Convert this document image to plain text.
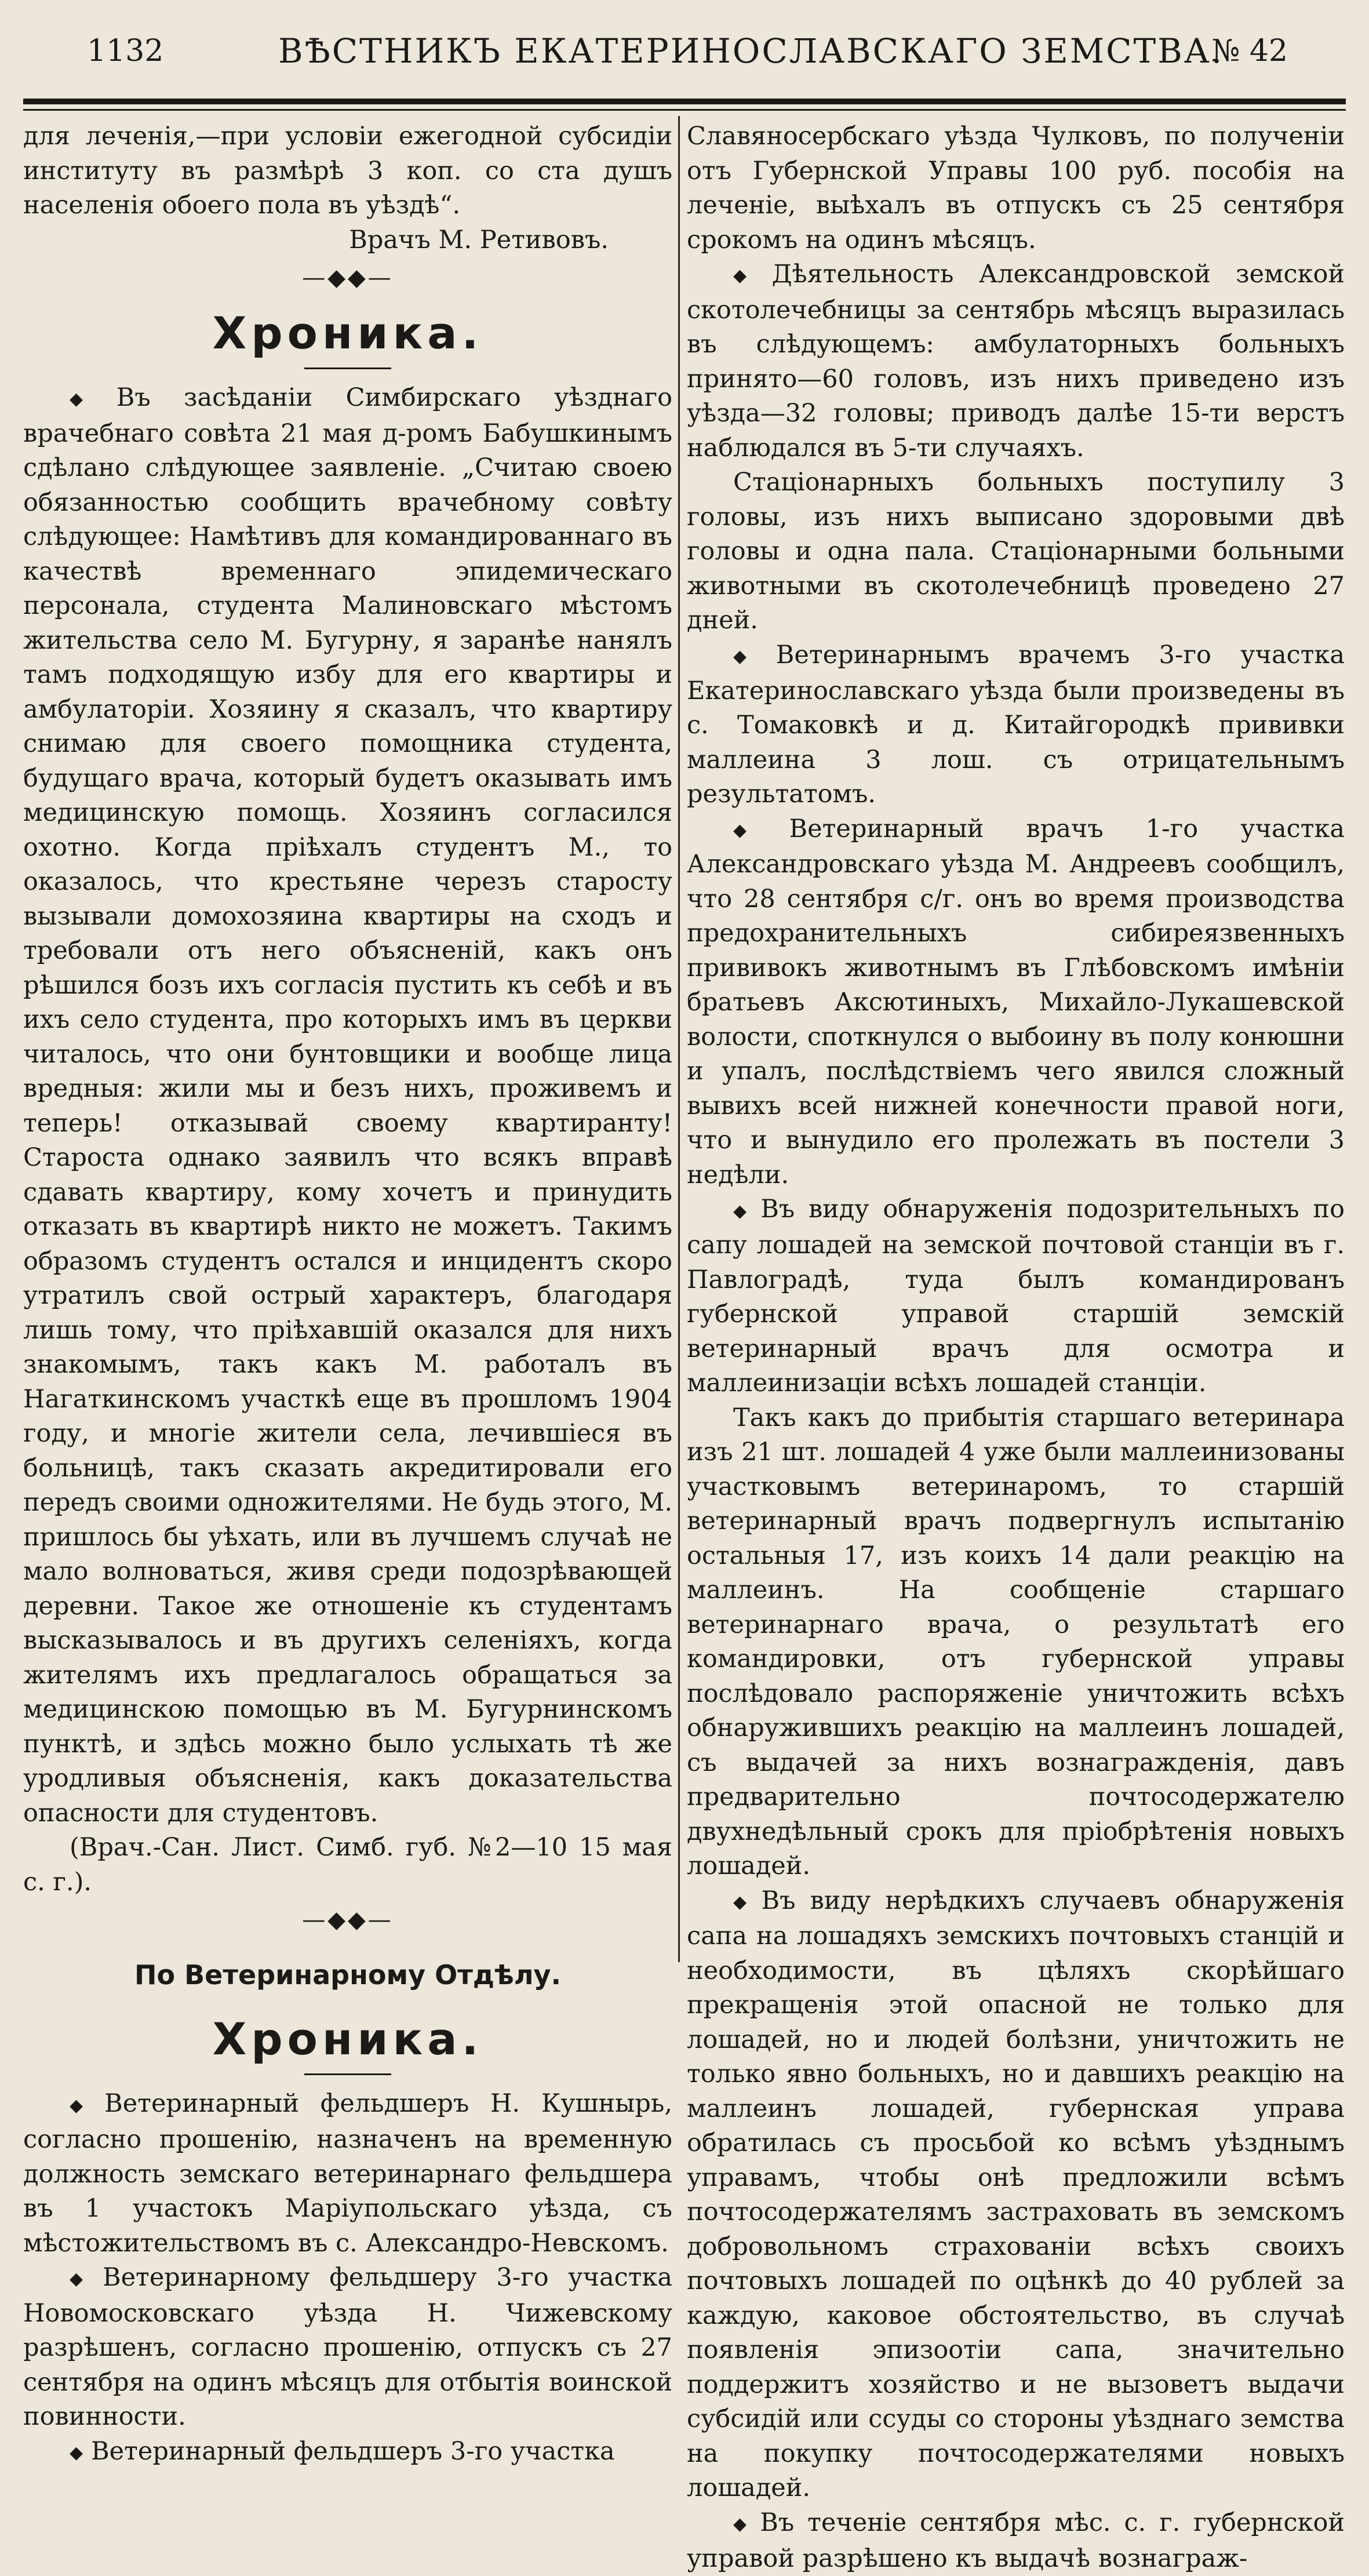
1132	ВѢСТНИКЪ ЕКАТЕРИНОСЛАВСКАГО ЗЕМСТВА.
№ 42

для леченія,—при условіи ежегодной субсидіи институту въ размѣрѣ 3 коп. со ста душъ населенія обоего пола въ уѣздѣ“.

Врачъ М. Ретивовъ.

—◆◆—
Хроника.

◆ Въ засѣданіи Симбирскаго уѣзднаго врачебнаго совѣта 21 мая д-ромъ Бабушкинымъ сдѣлано слѣдующее заявленіе. „Считаю своею обязанностью сообщить врачебному совѣту слѣдующее: Намѣтивъ для командированнаго въ качествѣ временнаго эпидемическаго персонала, студента Малиновскаго мѣстомъ жительства село М. Бугурну, я заранѣе нанялъ тамъ подходящую избу для его квартиры и амбулаторіи. Хозяину я сказалъ, что квартиру снимаю для своего помощника студента, будущаго врача, который будетъ оказывать имъ медицинскую помощь. Хозяинъ согласился охотно. Когда пріѣхалъ студентъ М., то оказалось, что крестьяне черезъ старосту вызывали домохозяина квартиры на сходъ и требовали отъ него объясненій, какъ онъ рѣшился бозъ ихъ согласія пустить къ себѣ и въ ихъ село студента, про которыхъ имъ въ церкви читалось, что они бунтовщики и вообще лица вредныя: жили мы и безъ нихъ, проживемъ и теперь! отказывай своему квартиранту! Староста однако заявилъ что всякъ вправѣ сдавать квартиру, кому хочетъ и принудить отказать въ квартирѣ никто не можетъ. Такимъ образомъ студентъ остался и инцидентъ скоро утратилъ свой острый характеръ, благодаря лишь тому, что пріѣхавшій оказался для нихъ знакомымъ, такъ какъ М. работалъ въ Нагаткинскомъ участкѣ еще въ прошломъ 1904 году, и многіе жители села, лечившіеся въ больницѣ, такъ сказать акредитировали его передъ своими одножителями. Не будь этого, М. пришлось бы уѣхать, или въ лучшемъ случаѣ не мало волноваться, живя среди подозрѣвающей деревни. Такое же отношеніе къ студентамъ высказывалось и въ другихъ селеніяхъ, когда жителямъ ихъ предлагалось обращаться за медицинскою помощью въ М. Бугурнинскомъ пунктѣ, и здѣсь можно было услыхать тѣ же уродливыя объясненія, какъ доказательства опасности для студентовъ.

(Врач.-Сан. Лист. Симб. губ. №2—10 15 мая с. г.).

—◆◆—
По Ветеринарному Отдѣлу.
Хроника.

◆ Ветеринарный фельдшеръ Н. Кушнырь, согласно прошенію, назначенъ на временную должность земскаго ветеринарнаго фельдшера въ 1 участокъ Маріупольскаго уѣзда, съ мѣстожительствомъ въ с. Александро-Невскомъ.

◆ Ветеринарному фельдшеру 3-го участка Новомосковскаго уѣзда Н. Чижевскому разрѣшенъ, согласно прошенію, отпускъ съ 27 сентября на одинъ мѣсяцъ для отбытія воинской повинности.

◆ Ветеринарный фельдшеръ 3-го участка

Славяносербскаго уѣзда Чулковъ, по полученіи отъ Губернской Управы 100 руб. пособія на леченіе, выѣхалъ въ отпускъ съ 25 сентября срокомъ на одинъ мѣсяцъ.

◆ Дѣятельность Александровской земской скотолечебницы за сентябрь мѣсяцъ выразилась въ слѣдующемъ: амбулаторныхъ больныхъ принято—60 головъ, изъ нихъ приведено изъ уѣзда—32 головы; приводъ далѣе 15-ти верстъ наблюдался въ 5-ти случаяхъ.

Стаціонарныхъ больныхъ поступилу 3 головы, изъ нихъ выписано здоровыми двѣ головы и одна пала. Стаціонарными больными животными въ скотолечебницѣ проведено 27 дней.

◆ Ветеринарнымъ врачемъ 3-го участка Екатеринославскаго уѣзда были произведены въ с. Томаковкѣ и д. Китайгородкѣ прививки маллеина 3 лош. съ отрицательнымъ результатомъ.

◆ Ветеринарный врачъ 1-го участка Александровскаго уѣзда М. Андреевъ сообщилъ, что 28 сентября с/г. онъ во время производства предохранительныхъ сибиреязвенныхъ прививокъ животнымъ въ Глѣбовскомъ имѣніи братьевъ Аксютиныхъ, Михайло-Лукашевской волости, споткнулся о выбоину въ полу конюшни и упалъ, послѣдствіемъ чего явился сложный вывихъ всей нижней конечности правой ноги, что и вынудило его пролежать въ постели 3 недѣли.

◆ Въ виду обнаруженія подозрительныхъ по сапу лошадей на земской почтовой станціи въ г. Павлоградѣ, туда былъ командированъ губернской управой старшій земскій ветеринарный врачъ для осмотра и маллеинизаціи всѣхъ лошадей станціи.

Такъ какъ до прибытія старшаго ветеринара изъ 21 шт. лошадей 4 уже были маллеинизованы участковымъ ветеринаромъ, то старшій ветеринарный врачъ подвергнулъ испытанію остальныя 17, изъ коихъ 14 дали реакцію на маллеинъ. На сообщеніе старшаго ветеринарнаго врача, о результатѣ его командировки, отъ губернской управы послѣдовало распоряженіе уничтожить всѣхъ обнаружившихъ реакцію на маллеинъ лошадей, съ выдачей за нихъ вознагражденія, давъ предварительно почтосодержателю двухнедѣльный срокъ для пріобрѣтенія новыхъ лошадей.

◆ Въ виду нерѣдкихъ случаевъ обнаруженія сапа на лошадяхъ земскихъ почтовыхъ станцій и необходимости, въ цѣляхъ скорѣйшаго прекращенія этой опасной не только для лошадей, но и людей болѣзни, уничтожить не только явно больныхъ, но и давшихъ реакцію на маллеинъ лошадей, губернская управа обратилась съ просьбой ко всѣмъ уѣзднымъ управамъ, чтобы онѣ предложили всѣмъ почтосодержателямъ застраховать въ земскомъ добровольномъ страхованіи всѣхъ своихъ почтовыхъ лошадей по оцѣнкѣ до 40 рублей за каждую, каковое обстоятельство, въ случаѣ появленія эпизоотіи сапа, значительно поддержитъ хозяйство и не вызоветъ выдачи субсидій или ссуды со стороны уѣзднаго земства на покупку почтосодержателями новыхъ лошадей.

◆ Въ теченіе сентября мѣс. с. г. губернской управой разрѣшено къ выдачѣ вознаграж-
